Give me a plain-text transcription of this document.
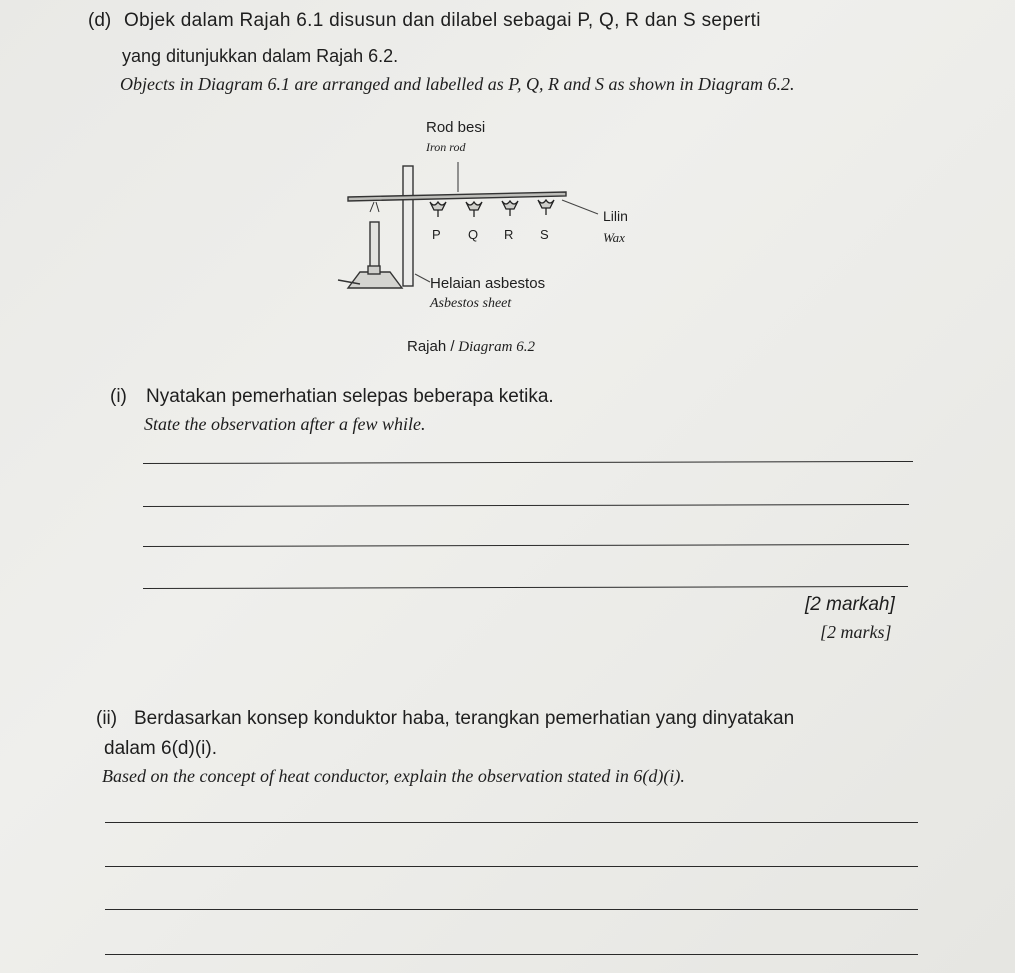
(d) Objek dalam Rajah 6.1 disusun dan dilabel sebagai P, Q, R dan S seperti
yang ditunjukkan dalam Rajah 6.2.
Objects in Diagram 6.1 are arranged and labelled as P, Q, R and S as shown in Diagram 6.2.
Rod besi
Iron rod
P Q R S
Lilin
Wax
Helaian asbestos
Asbestos sheet
Rajah / Diagram 6.2
(i) Nyatakan pemerhatian selepas beberapa ketika.
State the observation after a few while.
[2 markah]
[2 marks]
(ii) Berdasarkan konsep konduktor haba, terangkan pemerhatian yang dinyatakan
dalam 6(d)(i).
Based on the concept of heat conductor, explain the observation stated in 6(d)(i).
